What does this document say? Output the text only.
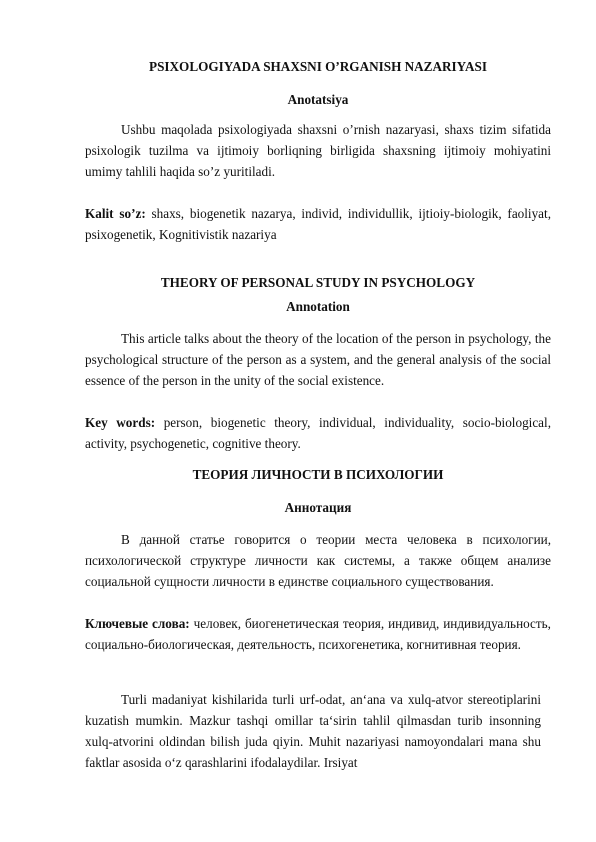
PSIXOLOGIYADA SHAXSNI O’RGANISH NAZARIYASI
Anotatsiya

Ushbu maqolada psixologiyada shaxsni o’rnish nazaryasi, shaxs tizim sifatida psixologik tuzilma va ijtimoiy borliqning birligida shaxsning ijtimoiy mohiyatini umimy tahlili haqida so’z yuritiladi.

Kalit so’z: shaxs, biogenetik nazarya, individ, individullik, ijtioiy-biologik, faoliyat, psixogenetik, Kognitivistik nazariya

THEORY OF PERSONAL STUDY IN PSYCHOLOGY
Annotation

This article talks about the theory of the location of the person in psychology, the psychological structure of the person as a system, and the general analysis of the social essence of the person in the unity of the social existence.

Key words: person, biogenetic theory, individual, individuality, socio-biological, activity, psychogenetic, cognitive theory.

ТЕОРИЯ ЛИЧНОСТИ В ПСИХОЛОГИИ
Аннотация

В данной статье говорится о теории места человека в психологии, психологической структуре личности как системы, а также общем анализе социальной сущности личности в единстве социального существования.

Ключевые слова: человек, биогенетическая теория, индивид, индивидуальность, социально-биологическая, деятельность, психогенетика, когнитивная теория.

Turli madaniyat kishilaridа turli urf-odat, an‘ana va xulq-atvor stereotiplarini kuzatish mumkin. Mazkur tashqi omillar ta‘sirin tahlil qilmasdan turib insonning xulq-atvorini oldindan bilish juda qiyin. Muhit nazariyasi namoyondalari mana shu faktlar asosida o‘z qarashlarini ifodalaydilar. Irsiyat
